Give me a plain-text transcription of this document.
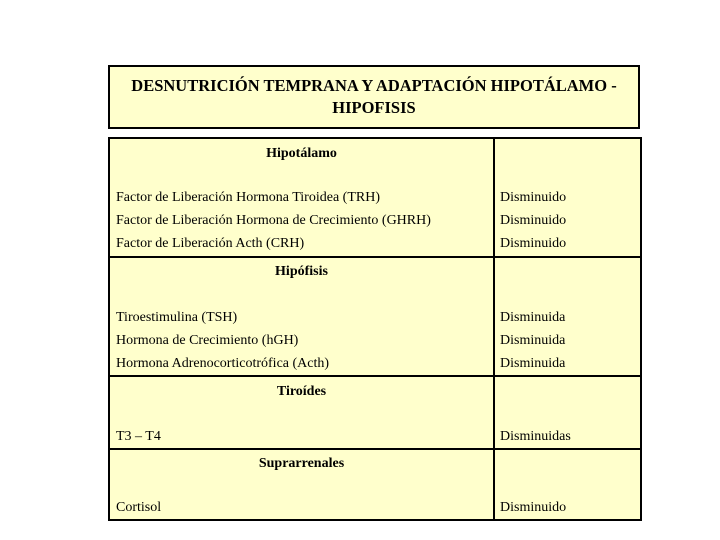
DESNUTRICIÓN TEMPRANA Y ADAPTACIÓN HIPOTÁLAMO - HIPOFISIS
Hipotálamo
Factor de Liberación Hormona Tiroidea (TRH)	Disminuido
Factor de Liberación Hormona de Crecimiento (GHRH)	Disminuido
Factor de Liberación Acth (CRH)	Disminuido
Hipófisis
Tiroestimulina (TSH)	Disminuida
Hormona de Crecimiento (hGH)	Disminuida
Hormona Adrenocorticotrófica (Acth)	Disminuida
Tiroídes
T3 – T4	Disminuidas
Suprarrenales
Cortisol	Disminuido
